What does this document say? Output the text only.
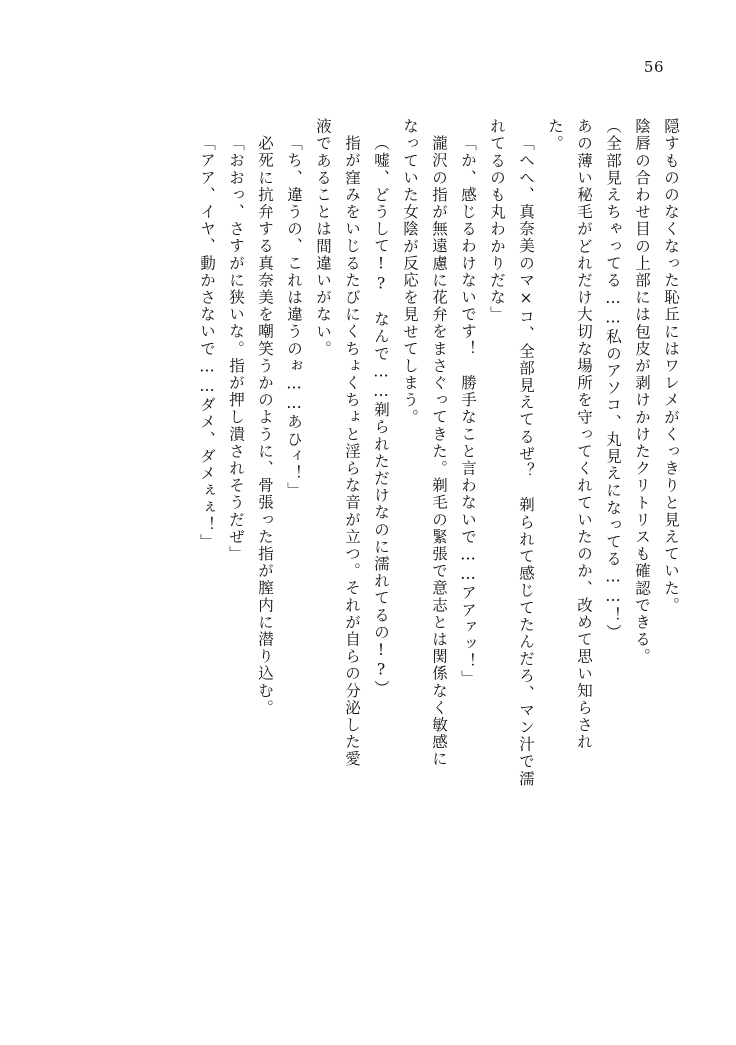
56
隠すもののなくなった恥丘にはワレメがくっきりと見えていた。
陰唇の合わせ目の上部には包皮が剥けかけたクリトリスも確認できる。
（全部見えちゃってる……私のアソコ、丸見えになってる……！）
あの薄い秘毛がどれだけ大切な場所を守ってくれていたのか、改めて思い知らされ
た。
「へへ、真奈美のマ×コ、全部見えてるぜ？　剃られて感じてたんだろ、マン汁で濡
れてるのも丸わかりだな」
「か、感じるわけないです！　勝手なこと言わないで……アアァッ！」
瀧沢の指が無遠慮に花弁をまさぐってきた。剃毛の緊張で意志とは関係なく敏感に
なっていた女陰が反応を見せてしまう。
（嘘、どうして!?　なんで……剃られただけなのに濡れてるの!?）
指が窪みをいじるたびにくちょくちょと淫らな音が立つ。それが自らの分泌した愛
液であることは間違いがない。
「ち、違うの、これは違うのぉ……あひィ！」
必死に抗弁する真奈美を嘲笑うかのように、骨張った指が膣内に潜り込む。
「おおっ、さすがに狭いな。指が押し潰されそうだぜ」
「アア、イヤ、動かさないで……ダメ、ダメぇぇ！」
